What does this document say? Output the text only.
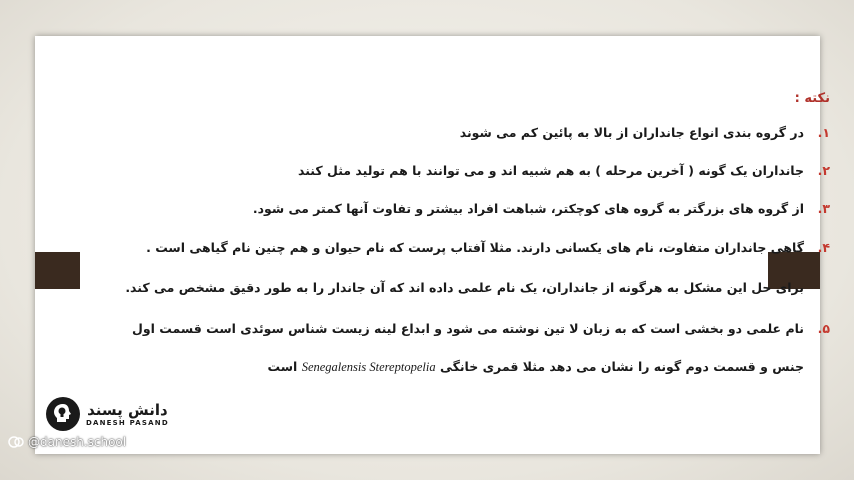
نکته :
۱.
در گروه بندی انواع جانداران از بالا به پائین کم می شوند
۲.
جانداران یک گونه ( آخرین مرحله ) به هم شبیه اند و می توانند با هم تولید مثل کنند
۳.
از گروه های بزرگتر به گروه های کوچکتر، شباهت افراد بیشتر و تفاوت آنها کمتر می شود.
۴.
گاهی جانداران متفاوت، نام های یکسانی دارند. مثلا آفتاب پرست که نام حیوان و هم چنین نام گیاهی است . برای حل این مشکل به هرگونه از جانداران، یک نام علمی داده اند که آن جاندار را به طور دقیق مشخص می کند.
۵.
نام علمی دو بخشی است که به زبان لا تین نوشته می شود و ابداع لینه زیست شناس سوئدی است قسمت اول جنس و قسمت دوم گونه را نشان می دهد مثلا قمری خانگی Senegalensis Stereptopelia است
دانش پسند
DANESH PASAND
@danesh.school
